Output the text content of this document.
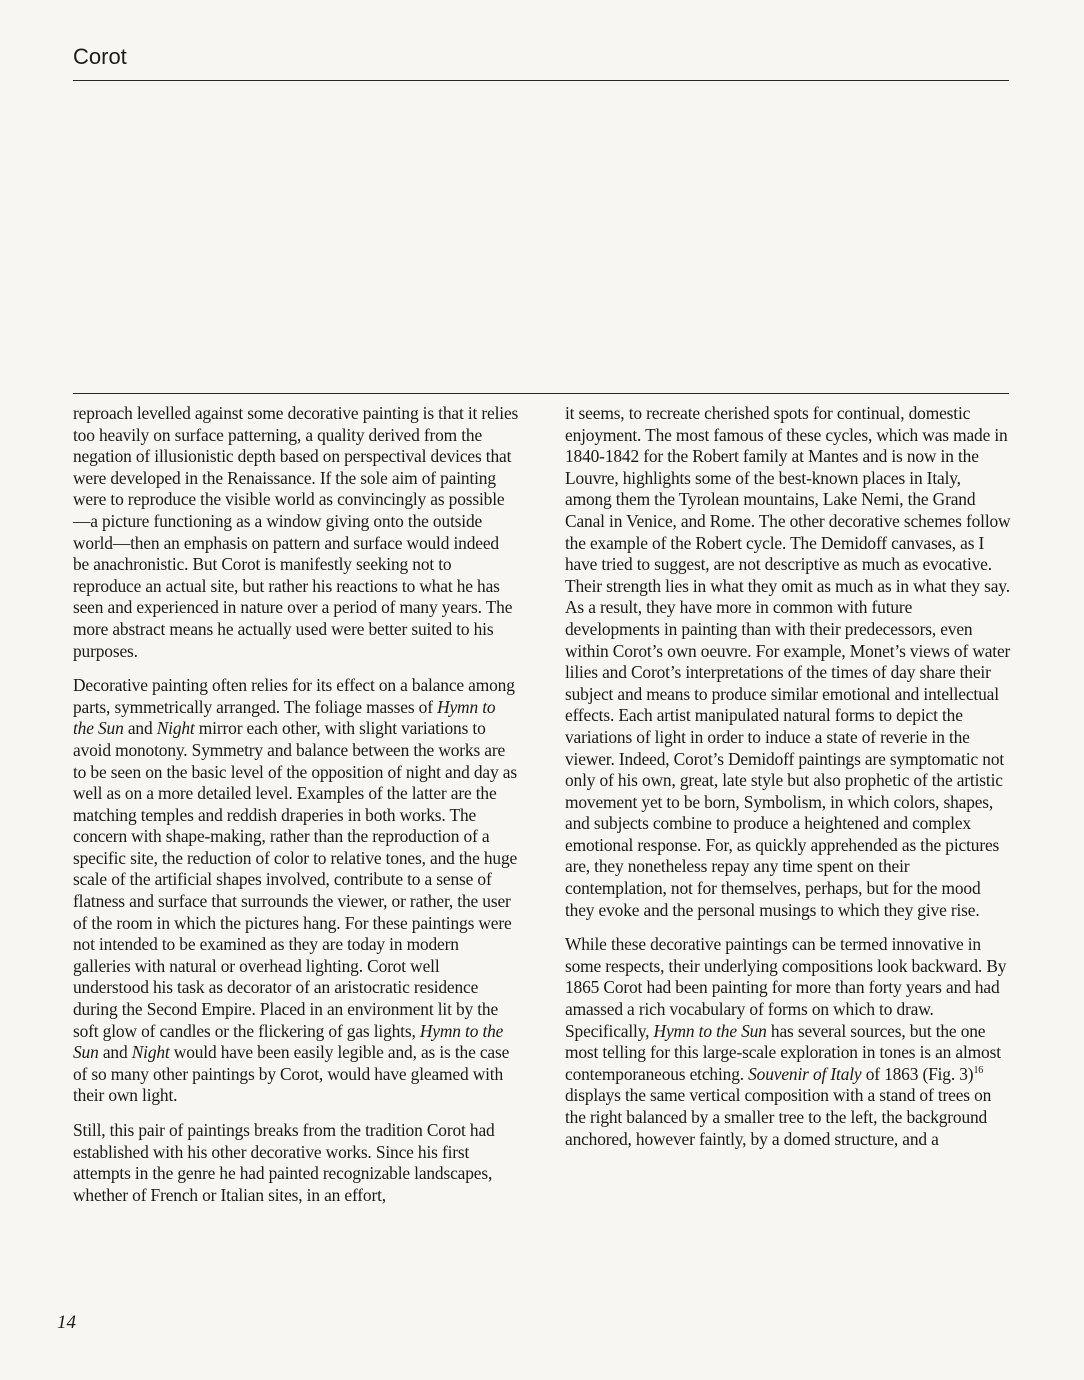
Corot

reproach levelled against some decorative painting is that it relies too heavily on surface patterning, a quality derived from the negation of illusionistic depth based on perspectival devices that were developed in the Renaissance. If the sole aim of painting were to reproduce the visible world as convincingly as possible—a picture functioning as a window giving onto the outside world—then an emphasis on pattern and surface would indeed be anachronistic. But Corot is manifestly seeking not to reproduce an actual site, but rather his reactions to what he has seen and experienced in nature over a period of many years. The more abstract means he actually used were better suited to his purposes.

Decorative painting often relies for its effect on a balance among parts, symmetrically arranged. The foliage masses of Hymn to the Sun and Night mirror each other, with slight variations to avoid monotony. Symmetry and balance between the works are to be seen on the basic level of the opposition of night and day as well as on a more detailed level. Examples of the latter are the matching temples and reddish draperies in both works. The concern with shape-making, rather than the reproduction of a specific site, the reduction of color to relative tones, and the huge scale of the artificial shapes involved, contribute to a sense of flatness and surface that surrounds the viewer, or rather, the user of the room in which the pictures hang. For these paintings were not intended to be examined as they are today in modern galleries with natural or overhead lighting. Corot well understood his task as decorator of an aristocratic residence during the Second Empire. Placed in an environment lit by the soft glow of candles or the flickering of gas lights, Hymn to the Sun and Night would have been easily legible and, as is the case of so many other paintings by Corot, would have gleamed with their own light.

Still, this pair of paintings breaks from the tradition Corot had established with his other decorative works. Since his first attempts in the genre he had painted recognizable landscapes, whether of French or Italian sites, in an effort,

it seems, to recreate cherished spots for continual, domestic enjoyment. The most famous of these cycles, which was made in 1840-1842 for the Robert family at Mantes and is now in the Louvre, highlights some of the best-known places in Italy, among them the Tyrolean mountains, Lake Nemi, the Grand Canal in Venice, and Rome. The other decorative schemes follow the example of the Robert cycle. The Demidoff canvases, as I have tried to suggest, are not descriptive as much as evocative. Their strength lies in what they omit as much as in what they say. As a result, they have more in common with future developments in painting than with their predecessors, even within Corot’s own oeuvre. For example, Monet’s views of water lilies and Corot’s interpretations of the times of day share their subject and means to produce similar emotional and intellectual effects. Each artist manipulated natural forms to depict the variations of light in order to induce a state of reverie in the viewer. Indeed, Corot’s Demidoff paintings are symptomatic not only of his own, great, late style but also prophetic of the artistic movement yet to be born, Symbolism, in which colors, shapes, and subjects combine to produce a heightened and complex emotional response. For, as quickly apprehended as the pictures are, they nonetheless repay any time spent on their contemplation, not for themselves, perhaps, but for the mood they evoke and the personal musings to which they give rise.

While these decorative paintings can be termed innovative in some respects, their underlying compositions look backward. By 1865 Corot had been painting for more than forty years and had amassed a rich vocabulary of forms on which to draw. Specifically, Hymn to the Sun has several sources, but the one most telling for this large-scale exploration in tones is an almost contemporaneous etching. Souvenir of Italy of 1863 (Fig. 3)$^{16}$ displays the same vertical composition with a stand of trees on the right balanced by a smaller tree to the left, the background anchored, however faintly, by a domed structure, and a

14
